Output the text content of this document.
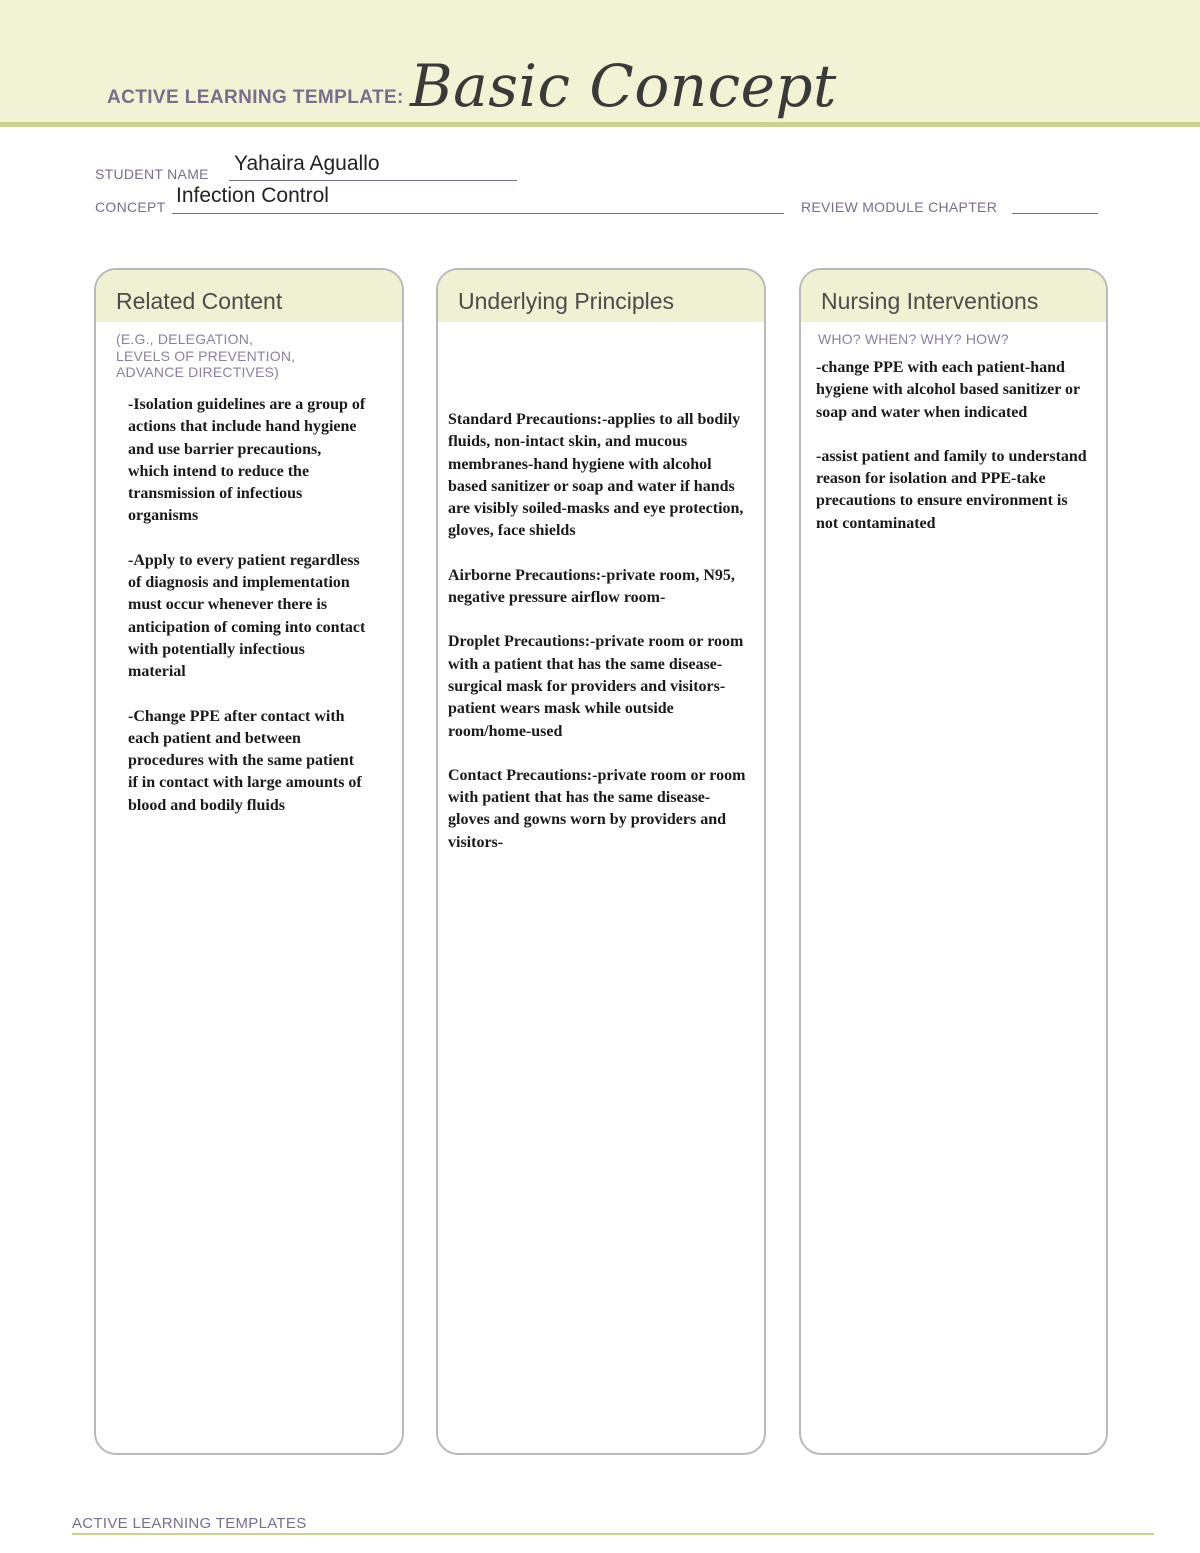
ACTIVE LEARNING TEMPLATE: Basic Concept
STUDENT NAME Yahaira Aguallo
CONCEPT Infection Control	REVIEW MODULE CHAPTER
Related Content
(E.G., DELEGATION,
LEVELS OF PREVENTION,
ADVANCE DIRECTIVES)

-Isolation guidelines are a group of actions that include hand hygiene and use barrier precautions, which intend to reduce the transmission of infectious organisms

-Apply to every patient regardless of diagnosis and implementation must occur whenever there is anticipation of coming into contact with potentially infectious material

-Change PPE after contact with each patient and between procedures with the same patient if in contact with large amounts of blood and bodily fluids

Underlying Principles

Standard Precautions:-applies to all bodily fluids, non-intact skin, and mucous membranes-hand hygiene with alcohol based sanitizer or soap and water if hands are visibly soiled-masks and eye protection, gloves, face shields

Airborne Precautions:-private room, N95, negative pressure airflow room-

Droplet Precautions:-private room or room with a patient that has the same disease-surgical mask for providers and visitors-patient wears mask while outside room/home-used

Contact Precautions:-private room or room with patient that has the same disease-gloves and gowns worn by providers and visitors-

Nursing Interventions
WHO? WHEN? WHY? HOW?

-change PPE with each patient-hand hygiene with alcohol based sanitizer or soap and water when indicated

-assist patient and family to understand reason for isolation and PPE-take precautions to ensure environment is not contaminated

ACTIVE LEARNING TEMPLATES
